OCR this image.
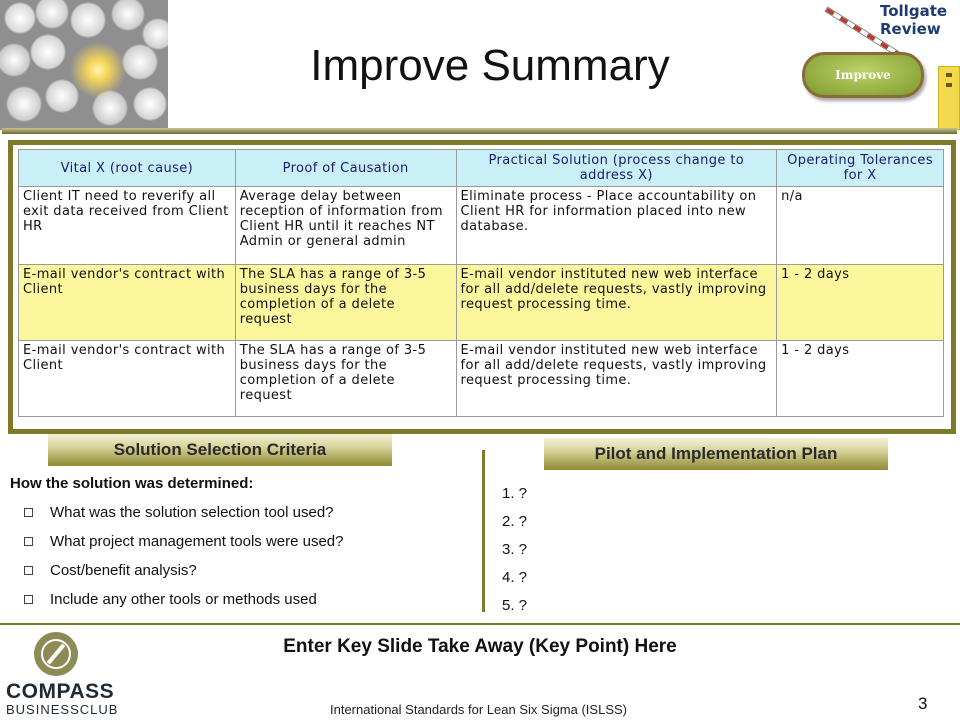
Improve Summary
Tollgate
Review
Improve
Vital X (root cause)	Proof of Causation	Practical Solution (process change to address X)	Operating Tolerances for X
Client IT need to reverify all exit data received from Client HR	Average delay between reception of information from Client HR until it reaches NT Admin or general admin	Eliminate process - Place accountability on Client HR for information placed into new database.	n/a
E-mail vendor's contract with Client	The SLA has a range of 3-5 business days for the completion of a delete request	E-mail vendor instituted new web interface for all add/delete requests, vastly improving request processing time.	1 - 2 days
E-mail vendor's contract with Client	The SLA has a range of 3-5 business days for the completion of a delete request	E-mail vendor instituted new web interface for all add/delete requests, vastly improving request processing time.	1 - 2 days
Solution Selection Criteria	Pilot and Implementation Plan
How the solution was determined:
What was the solution selection tool used?
What project management tools were used?
Cost/benefit analysis?
Include any other tools or methods used
1. ?
2. ?
3. ?
4. ?
5. ?
Enter Key Slide Take Away (Key Point) Here
COMPASS
BUSINESSCLUB	International Standards for Lean Six Sigma (ISLSS)	3
